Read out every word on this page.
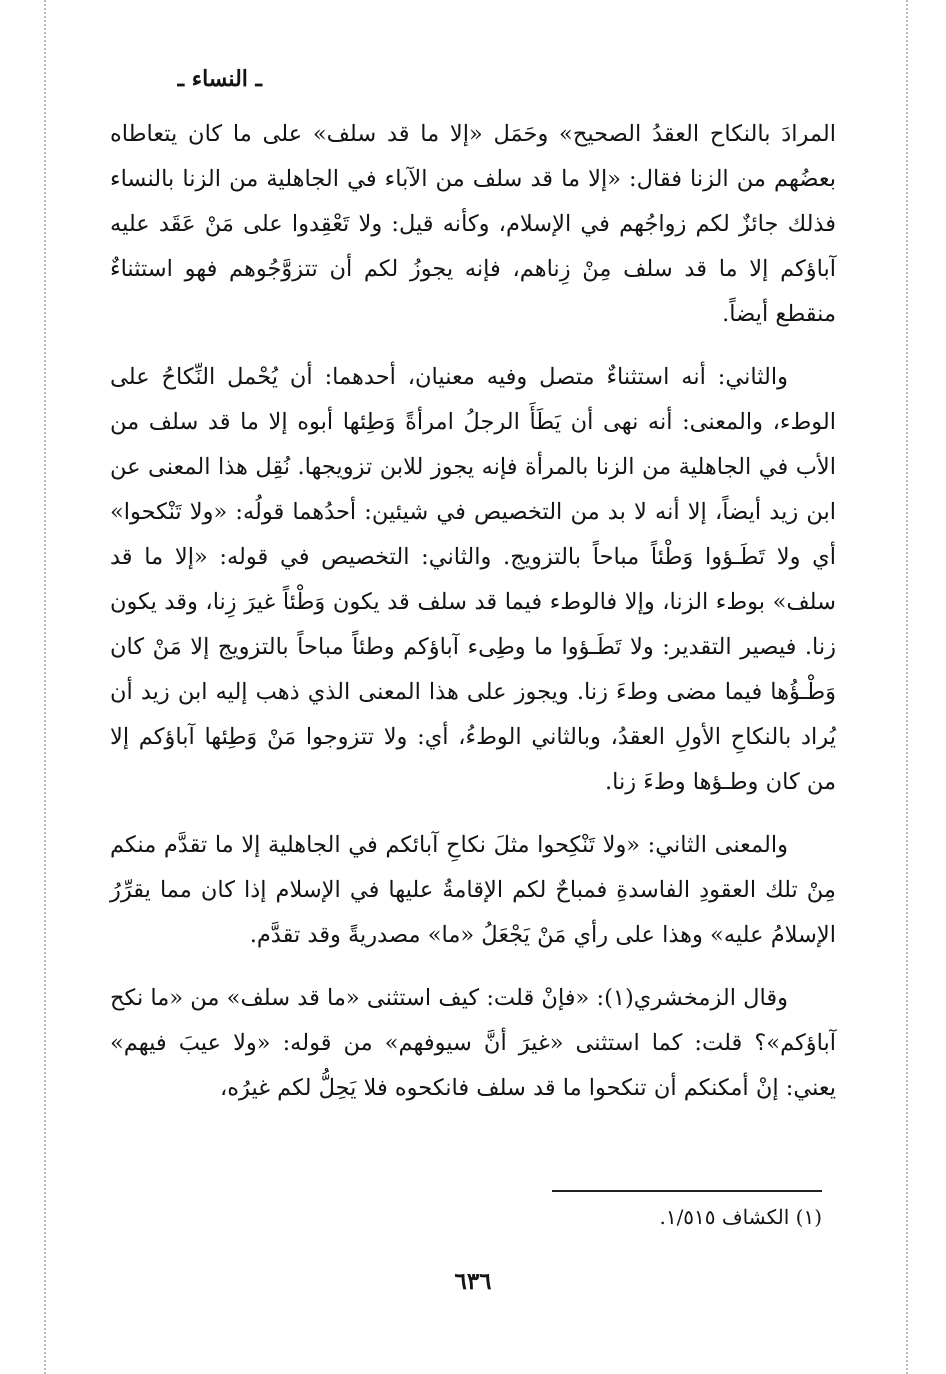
ـ النساء ـ

المرادَ بالنكاح العقدُ الصحيح» وحَمَل «إلا ما قد سلف» على ما كان يتعاطاه بعضُهم من الزنا فقال: «إلا ما قد سلف من الآباء في الجاهلية من الزنا بالنساء فذلك جائزٌ لكم زواجُهم في الإسلام، وكأنه قيل: ولا تَعْقِدوا على مَنْ عَقَد عليه آباؤكم إلا ما قد سلف مِنْ زِناهم، فإنه يجوزُ لكم أن تتزوَّجُوهم فهو استثناءٌ منقطع أيضاً.

والثاني: أنه استثناءٌ متصل وفيه معنيان، أحدهما: أن يُحْمل النِّكاحُ على الوطء، والمعنى: أنه نهى أن يَطَأَ الرجلُ امرأةً وَطِئها أبوه إلا ما قد سلف من الأب في الجاهلية من الزنا بالمرأة فإنه يجوز للابن تزويجها. نُقِل هذا المعنى عن ابن زيد أيضاً، إلا أنه لا بد من التخصيص في شيئين: أحدُهما قولُه: «ولا تَنْكحوا» أي ولا تَطَـؤوا وَطْئاً مباحاً بالتزويج. والثاني: التخصيص في قوله: «إلا ما قد سلف» بوطء الزنا، وإلا فالوطء فيما قد سلف قد يكون وَطْئاً غيرَ زِنا، وقد يكون زنا. فيصير التقدير: ولا تَطَـؤوا ما وطِىء آباؤكم وطئاً مباحاً بالتزويج إلا مَنْ كان وَطْـؤُها فيما مضى وطءَ زنا. ويجوز على هذا المعنى الذي ذهب إليه ابن زيد أن يُراد بالنكاحِ الأولِ العقدُ، وبالثاني الوطءُ، أي: ولا تتزوجوا مَنْ وَطِئها آباؤكم إلا من كان وطـؤها وطءَ زنا.

والمعنى الثاني: «ولا تَنْكِحوا مثلَ نكاحِ آبائكم في الجاهلية إلا ما تقدَّم منكم مِنْ تلك العقودِ الفاسدةِ فمباحٌ لكم الإقامةُ عليها في الإسلام إذا كان مما يقرِّرُ الإسلامُ عليه» وهذا على رأي مَنْ يَجْعَلُ «ما» مصدريةً وقد تقدَّم.

وقال الزمخشري(١): «فإنْ قلت: كيف استثنى «ما قد سلف» من «ما نكح آباؤكم»؟ قلت: كما استثنى «غيرَ أنَّ سيوفهم» من قوله: «ولا عيبَ فيهم» يعني: إنْ أمكنكم أن تنكحوا ما قد سلف فانكحوه فلا يَحِلُّ لكم غيرُه،

(١) الكشاف ١/٥١٥.
٦٣٦
